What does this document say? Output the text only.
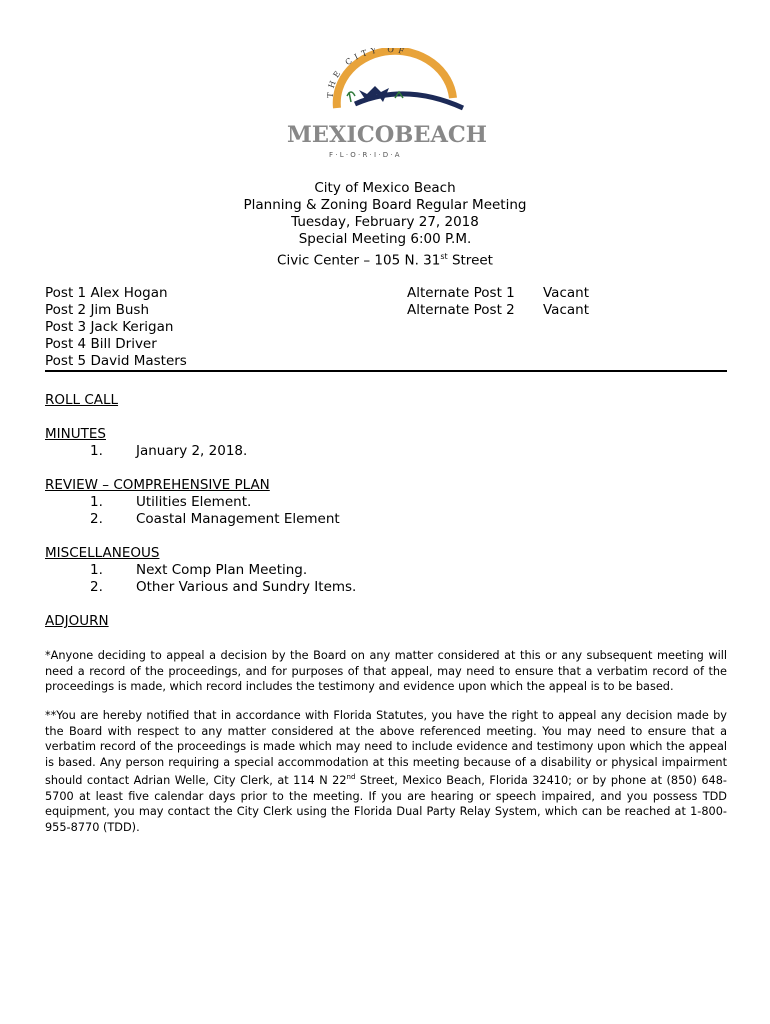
THE CITY OF
MEXICO BEACH
F · L · O · R · I · D · A
City of Mexico Beach
Planning & Zoning Board Regular Meeting
Tuesday, February 27, 2018
Special Meeting 6:00 P.M.
Civic Center – 105 N. 31st Street
Post 1 Alex Hogan
Post 2 Jim Bush
Post 3 Jack Kerigan
Post 4 Bill Driver
Post 5 David Masters
Alternate Post 1 Vacant
Alternate Post 2 Vacant
ROLL CALL
MINUTES
1. January 2, 2018.
REVIEW – COMPREHENSIVE PLAN
1. Utilities Element.
2. Coastal Management Element
MISCELLANEOUS
1. Next Comp Plan Meeting.
2. Other Various and Sundry Items.
ADJOURN
*Anyone deciding to appeal a decision by the Board on any matter considered at this or any subsequent meeting will need a record of the proceedings, and for purposes of that appeal, may need to ensure that a verbatim record of the proceedings is made, which record includes the testimony and evidence upon which the appeal is to be based.
**You are hereby notified that in accordance with Florida Statutes, you have the right to appeal any decision made by the Board with respect to any matter considered at the above referenced meeting. You may need to ensure that a verbatim record of the proceedings is made which may need to include evidence and testimony upon which the appeal is based. Any person requiring a special accommodation at this meeting because of a disability or physical impairment should contact Adrian Welle, City Clerk, at 114 N 22nd Street, Mexico Beach, Florida 32410; or by phone at (850) 648-5700 at least five calendar days prior to the meeting. If you are hearing or speech impaired, and you possess TDD equipment, you may contact the City Clerk using the Florida Dual Party Relay System, which can be reached at 1-800-955-8770 (TDD).
